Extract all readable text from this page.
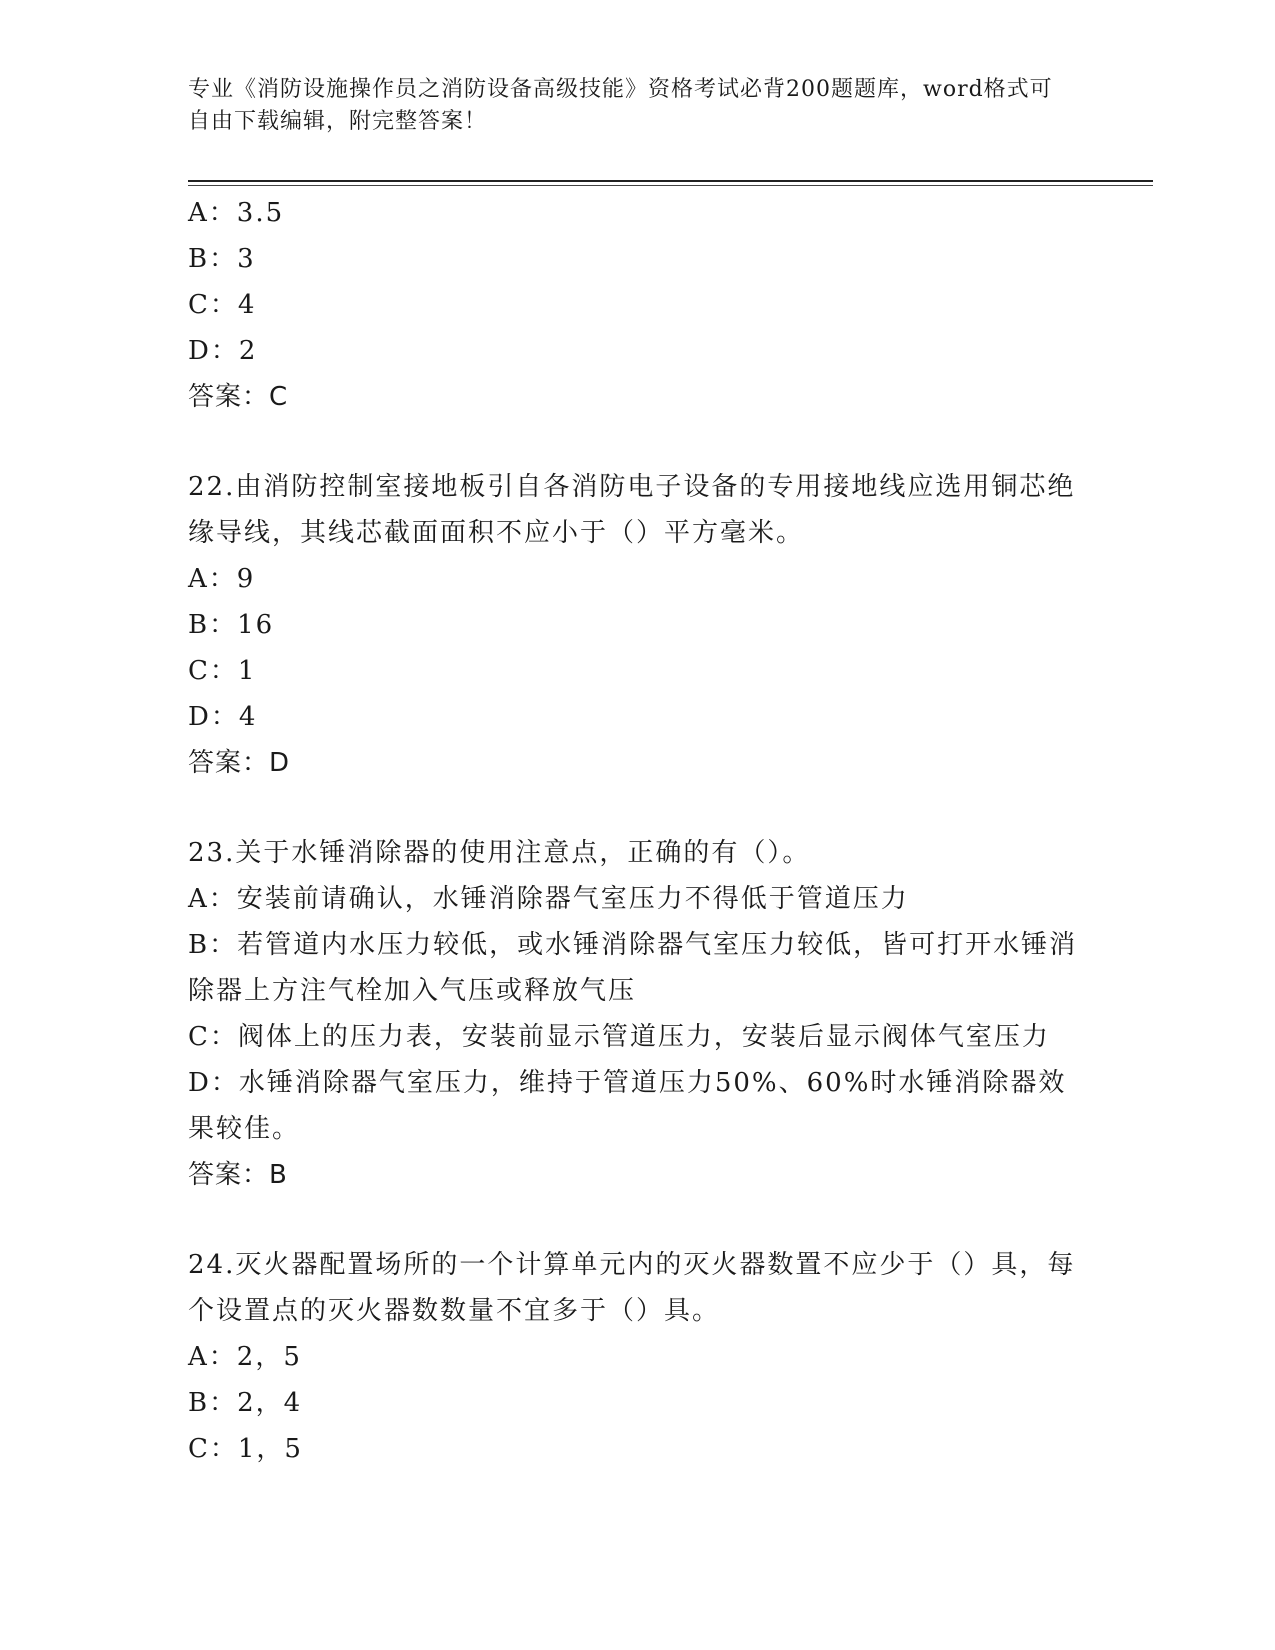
专业《消防设施操作员之消防设备高级技能》资格考试必背200题题库，word格式可自由下载编辑，附完整答案！
A：3.5
B：3
C：4
D：2
答案：C
22.由消防控制室接地板引自各消防电子设备的专用接地线应选用铜芯绝缘导线，其线芯截面面积不应小于（）平方毫米。
A：9
B：16
C：1
D：4
答案：D
23.关于水锤消除器的使用注意点，正确的有（）。
A：安装前请确认，水锤消除器气室压力不得低于管道压力
B：若管道内水压力较低，或水锤消除器气室压力较低，皆可打开水锤消除器上方注气栓加入气压或释放气压
C：阀体上的压力表，安装前显示管道压力，安装后显示阀体气室压力
D：水锤消除器气室压力，维持于管道压力50%、60%时水锤消除器效果较佳。
答案：B
24.灭火器配置场所的一个计算单元内的灭火器数置不应少于（）具，每个设置点的灭火器数数量不宜多于（）具。
A：2，5
B：2，4
C：1，5
